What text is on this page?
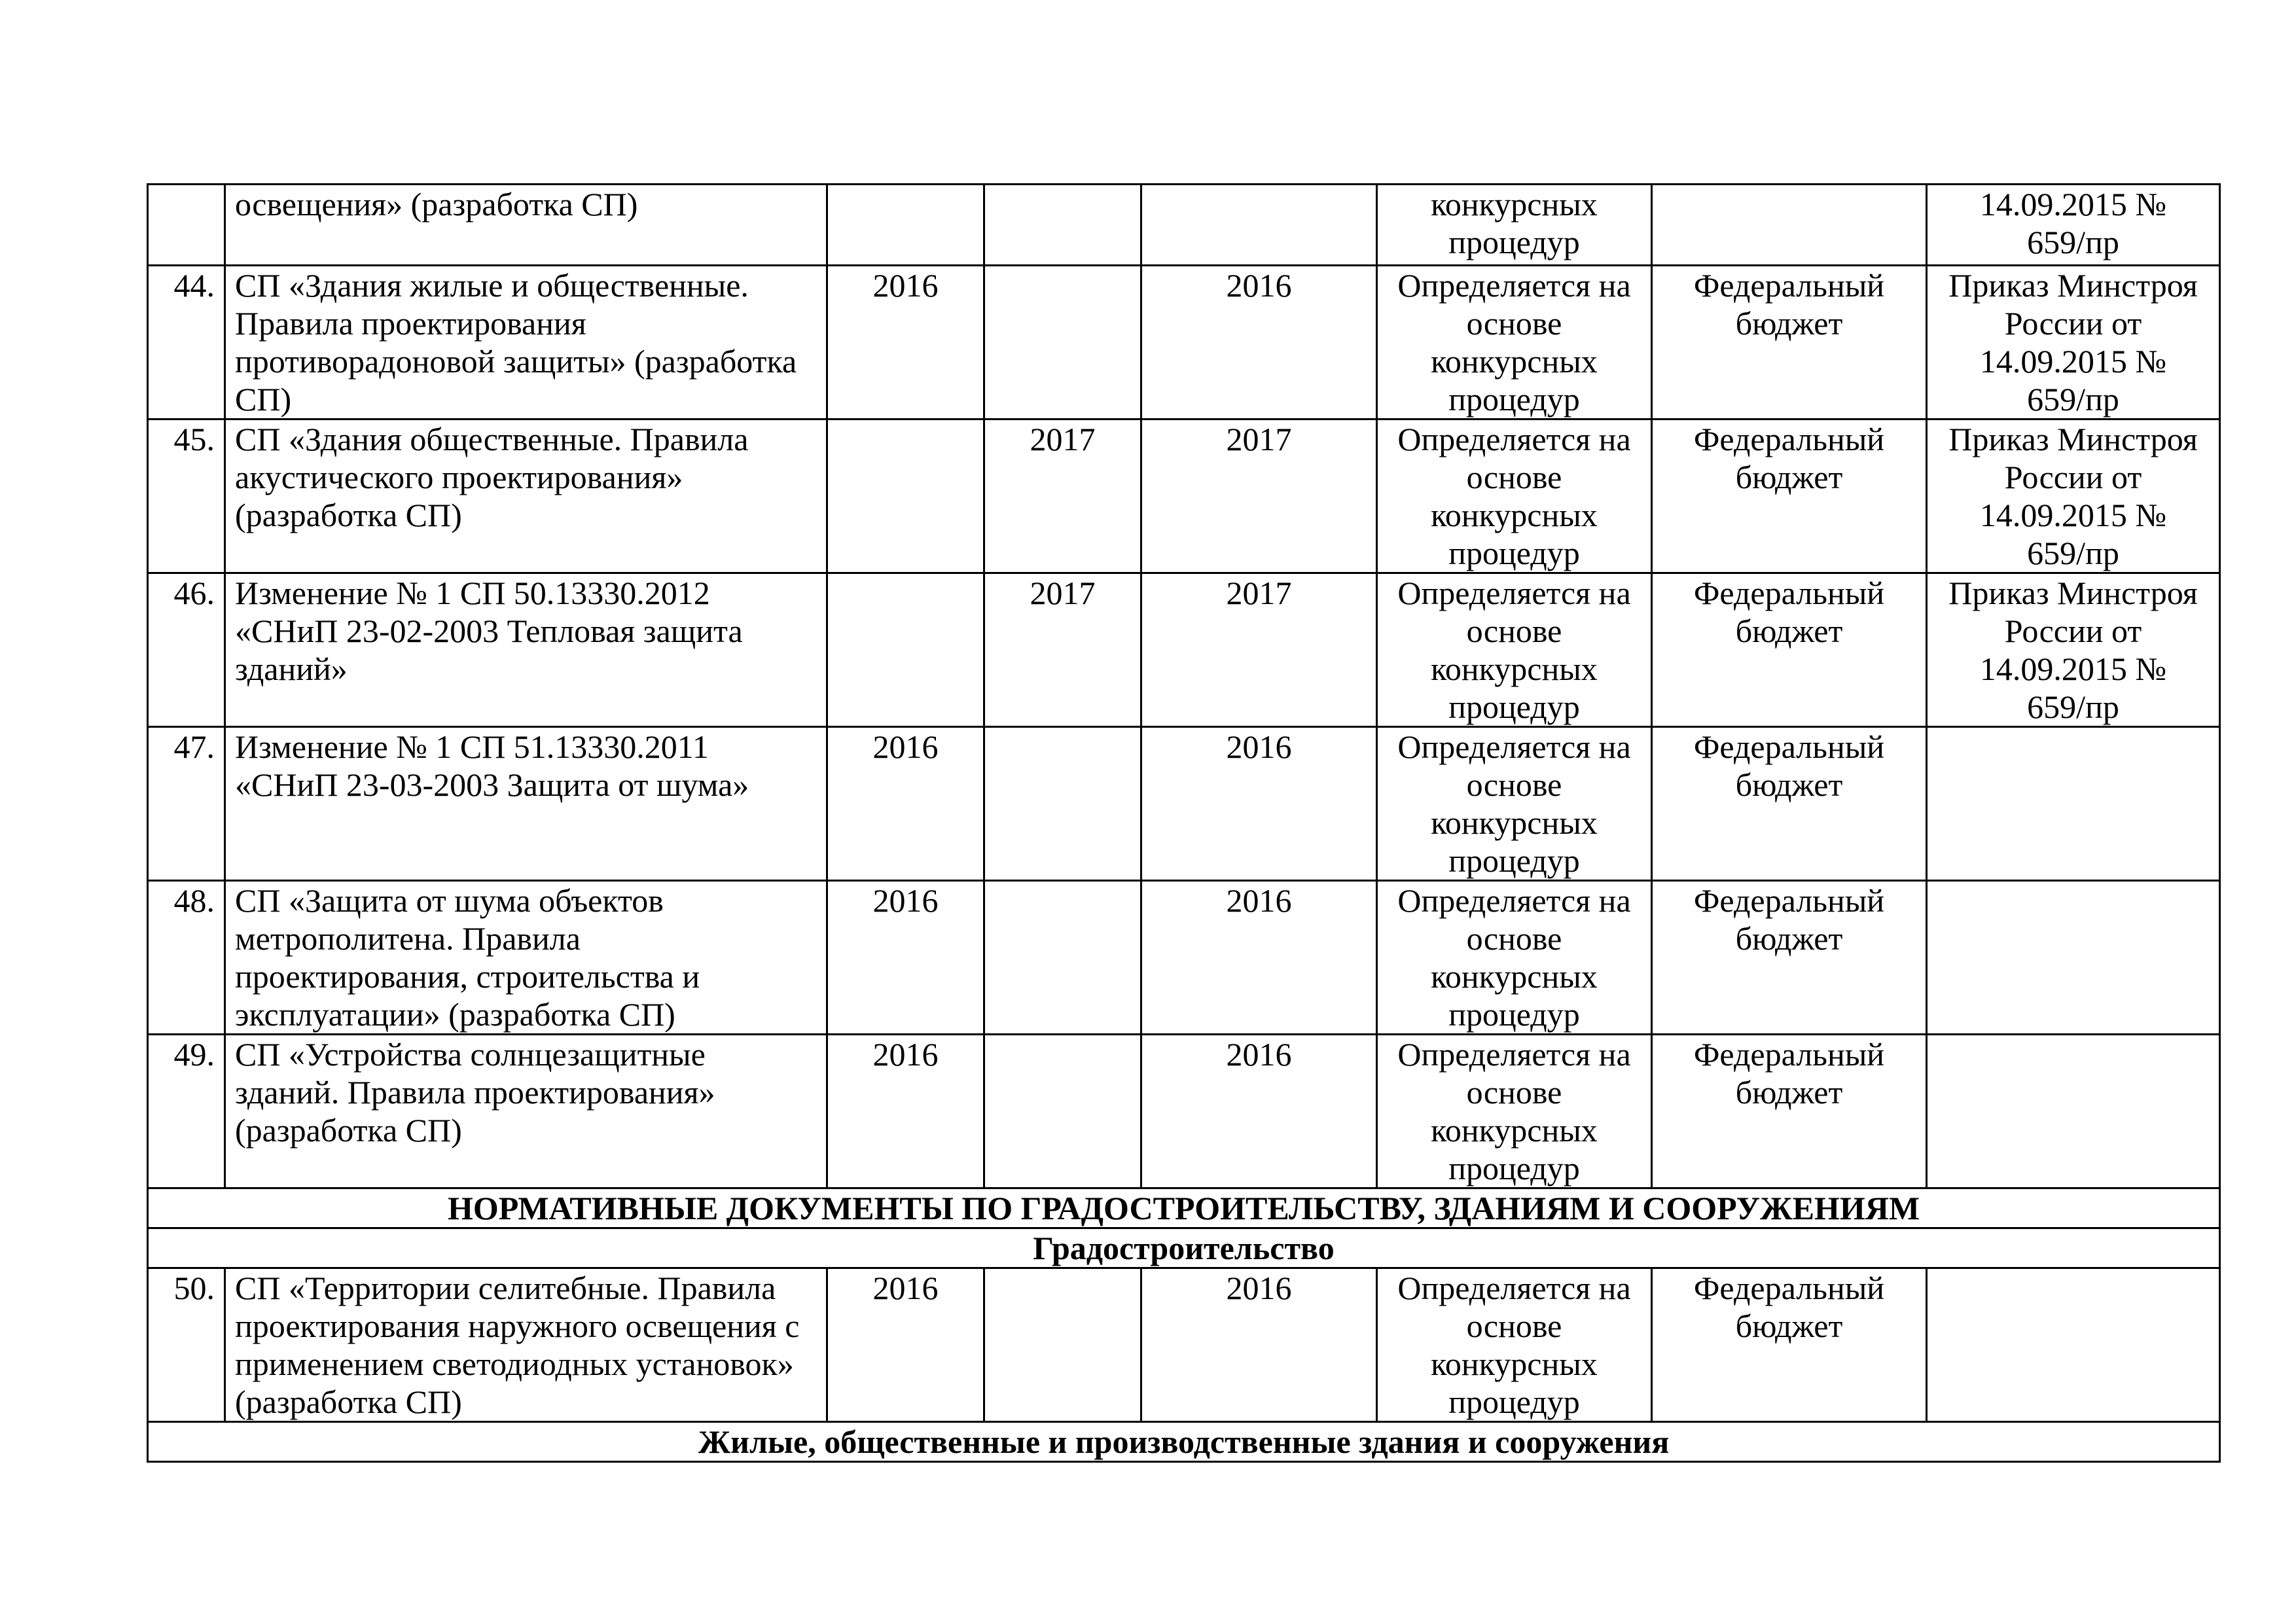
	освещения» (разработка СП)				конкурсных
процедур		14.09.2015 №
659/пр

44.	СП «Здания жилые и общественные.
Правила проектирования
противорадоновой защиты» (разработка
СП)	2016		2016	Определяется на
основе
конкурсных
процедур	Федеральный
бюджет	Приказ Минстроя
России от
14.09.2015 №
659/пр

45.	СП «Здания общественные. Правила
акустического проектирования»
(разработка СП)		2017	2017	Определяется на
основе
конкурсных
процедур	Федеральный
бюджет	Приказ Минстроя
России от
14.09.2015 №
659/пр

46.	Изменение № 1 СП 50.13330.2012
«СНиП 23-02-2003 Тепловая защита
зданий»		2017	2017	Определяется на
основе
конкурсных
процедур	Федеральный
бюджет	Приказ Минстроя
России от
14.09.2015 №
659/пр

47.	Изменение № 1 СП 51.13330.2011
«СНиП 23-03-2003 Защита от шума»	2016		2016	Определяется на
основе
конкурсных
процедур	Федеральный
бюджет	

48.	СП «Защита от шума объектов
метрополитена. Правила
проектирования, строительства и
эксплуатации» (разработка СП)	2016		2016	Определяется на
основе
конкурсных
процедур	Федеральный
бюджет	

49.	СП «Устройства солнцезащитные
зданий. Правила проектирования»
(разработка СП)	2016		2016	Определяется на
основе
конкурсных
процедур	Федеральный
бюджет	

НОРМАТИВНЫЕ ДОКУМЕНТЫ ПО ГРАДОСТРОИТЕЛЬСТВУ, ЗДАНИЯМ И СООРУЖЕНИЯМ							
Градостроительство							
50.	СП «Территории селитебные. Правила
проектирования наружного освещения с
применением светодиодных установок»
(разработка СП)	2016		2016	Определяется на
основе
конкурсных
процедур	Федеральный
бюджет	

Жилые, общественные и производственные здания и сооружения							
